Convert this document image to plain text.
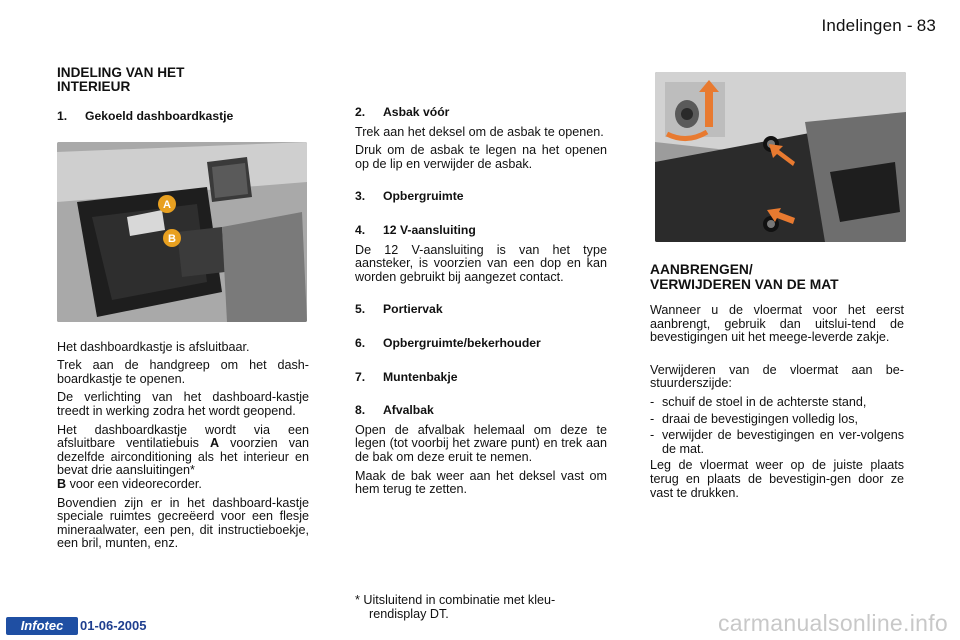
Indelingen - 83
INDELING VAN HET
INTERIEUR
1. Gekoeld dashboardkastje
A
B

Het dashboardkastje is afsluitbaar.

Trek aan de handgreep om het dash-boardkastje te openen.

De verlichting van het dashboard-kastje treedt in werking zodra het wordt geopend.

Het dashboardkastje wordt via een afsluitbare ventilatiebuis A voorzien van dezelfde airconditioning als het interieur en bevat drie aansluitingen*
B voor een videorecorder.

Bovendien zijn er in het dashboard-kastje speciale ruimtes gecreëerd voor een flesje mineraalwater, een pen, dit instructieboekje, een bril, munten, enz.

2. Asbak vóór

Trek aan het deksel om de asbak te openen.

Druk om de asbak te legen na het openen op de lip en verwijder de asbak.

3. Opbergruimte
4. 12 V-aansluiting

De 12 V-aansluiting is van het type aansteker, is voorzien van een dop en kan worden gebruikt bij aangezet contact.

5. Portiervak
6. Opbergruimte/bekerhouder
7. Muntenbakje
8. Afvalbak

Open de afvalbak helemaal om deze te legen (tot voorbij het zware punt) en trek aan de bak om deze eruit te nemen.

Maak de bak weer aan het deksel vast om hem terug te zetten.

AANBRENGEN/
VERWIJDEREN VAN DE MAT

Wanneer u de vloermat voor het eerst aanbrengt, gebruik dan uitslui-tend de bevestigingen uit het meege-leverde zakje.

Verwijderen van de vloermat aan be-stuurderszijde:

- schuif de stoel in de achterste stand,
- draai de bevestigingen volledig los,
- verwijder de bevestigingen en ver-volgens de mat.

Leg de vloermat weer op de juiste plaats terug en plaats de bevestigin-gen door ze vast te drukken.

* Uitsluitend in combinatie met kleu-
rendisplay DT.
Infotec	01-06-2005	carmanualsonline.info
